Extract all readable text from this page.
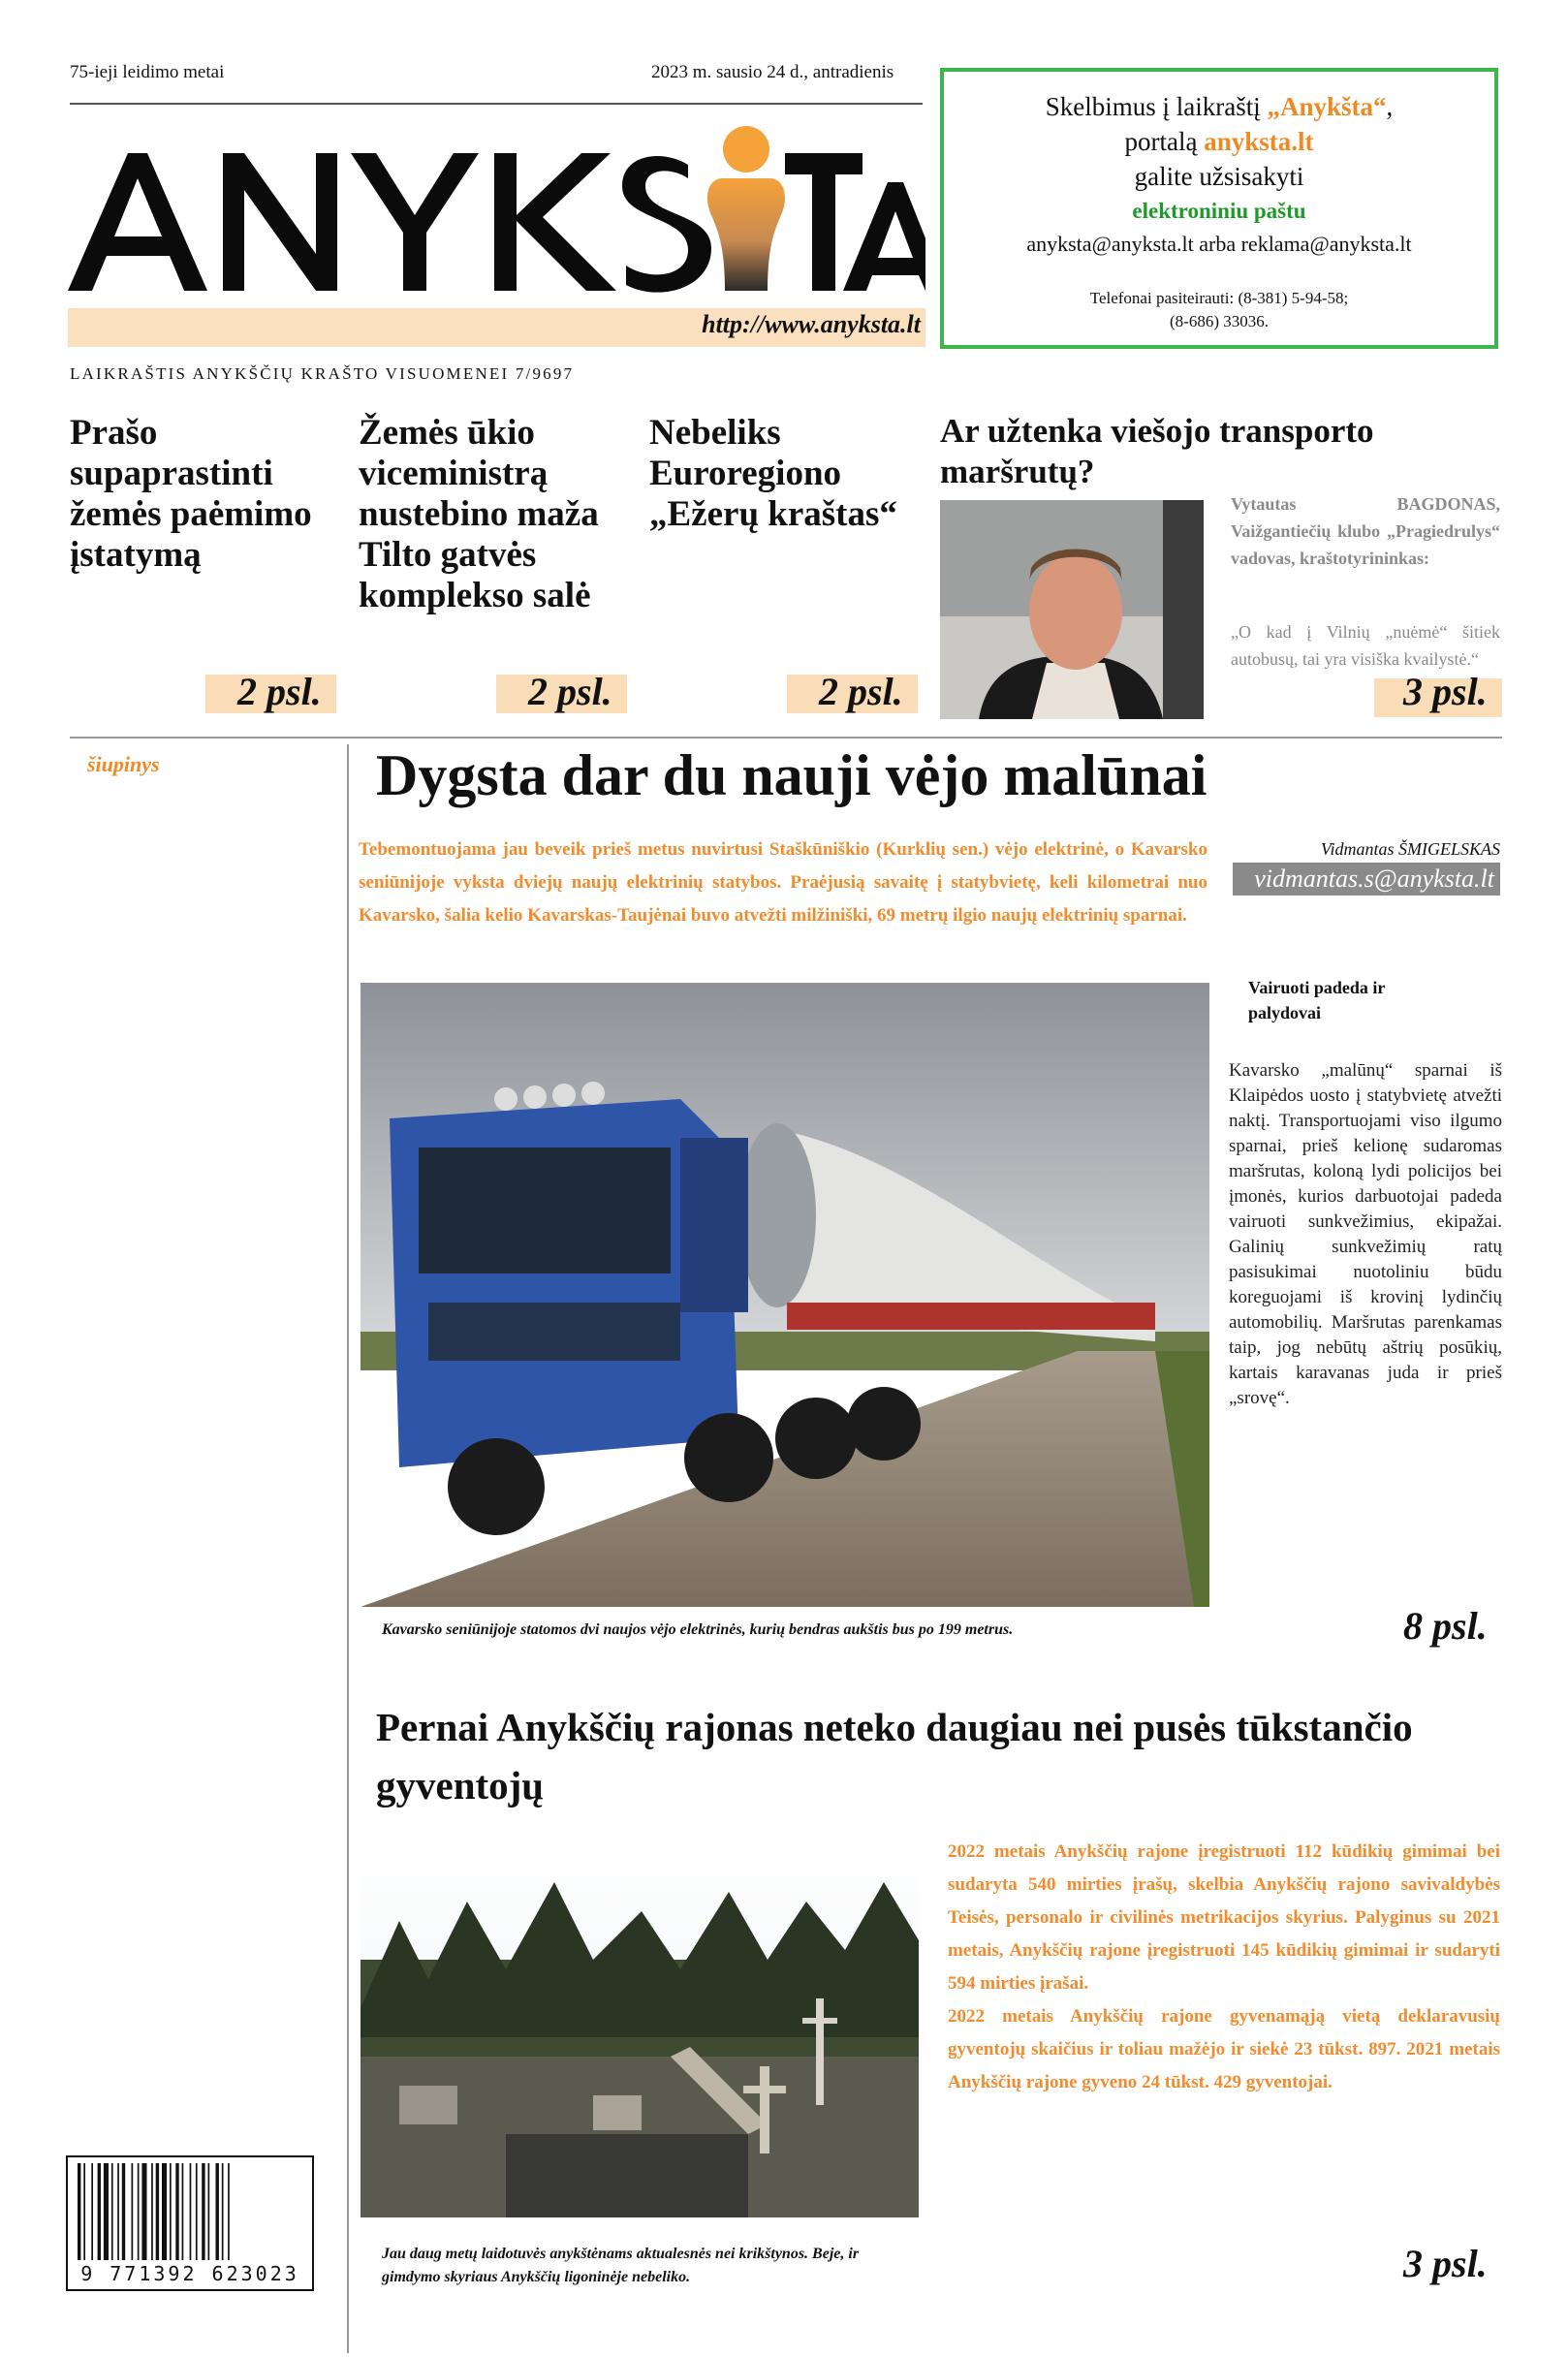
75-ieji leidimo metai	2023 m. sausio 24 d., antradienis
http://www.anyksta.lt
LAIKRAŠTIS ANYKŠČIŲ KRAŠTO VISUOMENEI 7/9697
Skelbimus į laikraštį „Anykšta“,
portalą anyksta.lt
galite užsisakyti
elektroniniu paštu
anyksta@anyksta.lt arba reklama@anyksta.lt
Telefonai pasiteirauti: (8-381) 5-94-58;
(8-686) 33036.
Prašo supaprastinti žemės paėmimo įstatymą
Žemės ūkio viceministrą nustebino maža Tilto gatvės komplekso salė
Nebeliks Euroregiono „Ežerų kraštas“
2 psl.	2 psl.	2 psl.
Ar užtenka viešojo transporto maršrutų?
Vytautas BAGDONAS, Vaižgantiečių klubo „Pragiedrulys“ vadovas, kraštotyrininkas:
„O kad į Vilnių „nuėmė“ šitiek autobusų, tai yra visiška kvailystė.“
3 psl.
šiupinys	Dygsta dar du nauji vėjo malūnai
Tebemontuojama jau beveik prieš metus nuvirtusi Staškūniškio (Kurklių sen.) vėjo elektrinė, o Kavarsko seniūnijoje vyksta dviejų naujų elektrinių statybos. Praėjusią savaitę į statybvietę, keli kilometrai nuo Kavarsko, šalia kelio Kavarskas-Taujėnai buvo atvežti milžiniški, 69 metrų ilgio naujų elektrinių sparnai.
Vidmantas ŠMIGELSKAS
vidmantas.s@anyksta.lt
Vairuoti padeda ir palydovai
Kavarsko „malūnų“ sparnai iš Klaipėdos uosto į statybvietę atvežti naktį. Transportuojami viso ilgumo sparnai, prieš kelionę sudaromas maršrutas, koloną lydi policijos bei įmonės, kurios darbuotojai padeda vairuoti sunkvežimius, ekipažai. Galinių sunkvežimių ratų pasisukimai nuotoliniu būdu koreguojami iš krovinį lydinčių automobilių. Maršrutas parenkamas taip, jog nebūtų aštrių posūkių, kartais karavanas juda ir prieš „srovę“.
Kavarsko seniūnijoje statomos dvi naujos vėjo elektrinės, kurių bendras aukštis bus po 199 metrus.	8 psl.
Pernai Anykščių rajonas neteko daugiau nei pusės tūkstančio gyventojų
2022 metais Anykščių rajone įregistruoti 112 kūdikių gimimai bei sudaryta 540 mirties įrašų, skelbia Anykščių rajono savivaldybės Teisės, personalo ir civilinės metrikacijos skyrius. Palyginus su 2021 metais, Anykščių rajone įregistruoti 145 kūdikių gimimai ir sudaryti 594 mirties įrašai.
2022 metais Anykščių rajone gyvenamąją vietą deklaravusių gyventojų skaičius ir toliau mažėjo ir siekė 23 tūkst. 897. 2021 metais Anykščių rajone gyveno 24 tūkst. 429 gyventojai.
Jau daug metų laidotuvės anykštėnams aktualesnės nei krikštynos. Beje, ir gimdymo skyriaus Anykščių ligoninėje nebeliko.	3 psl.
9 771392 623023
